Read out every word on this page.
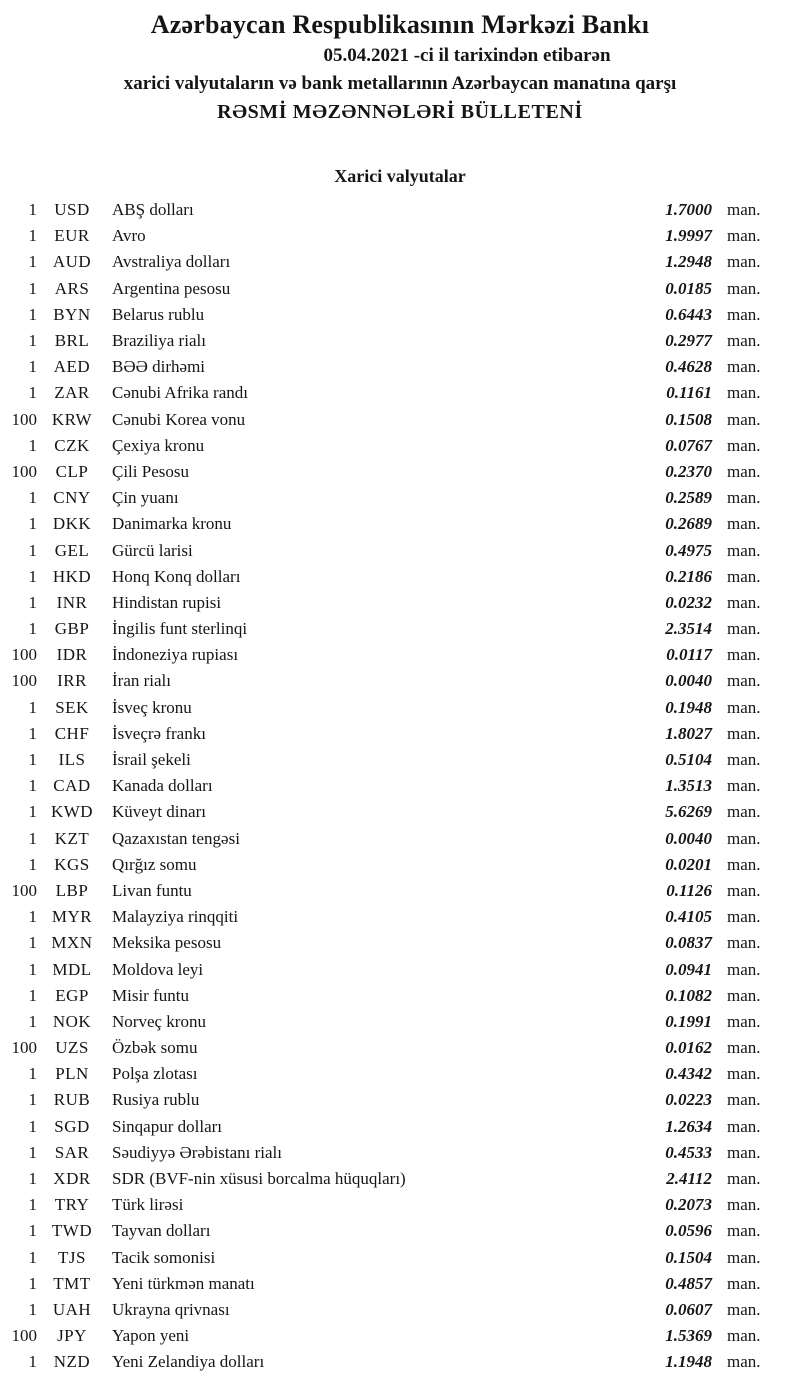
Azərbaycan Respublikasının Mərkəzi Bankı
05.04.2021 -ci il tarixindən etibarən
xarici valyutaların və bank metallarının Azərbaycan manatına qarşı
RƏSMİ MƏZƏNNƏLƏRİ BÜLLETENİ
Xarici valyutalar
1	USD	ABŞ dolları	1.7000 man.
1	EUR	Avro	1.9997 man.
1 AUD	Avstraliya dolları	1.2948 man.
1	ARS	Argentina pesosu	0.0185 man.
1 BYN	Belarus rublu	0.6443 man.
1	BRL	Braziliya rialı	0.2977 man.
1 AED	BƏƏ dirhəmi	0.4628 man.
1	ZAR	Cənubi Afrika randı	0.1161 man.
100 KRW	Cənubi Korea vonu	0.1508 man.
1	CZK	Çexiya kronu	0.0767 man.
100	CLP	Çili Pesosu	0.2370 man.
1 CNY	Çin yuanı	0.2589 man.
1 DKK	Danimarka kronu	0.2689 man.
1	GEL	Gürcü larisi	0.4975 man.
1 HKD	Honq Konq dolları	0.2186 man.
1	INR	Hindistan rupisi	0.0232 man.
1	GBP	İngilis funt sterlinqi	2.3514 man.
100	IDR	İndoneziya rupiası	0.0117 man.
100	IRR	İran rialı	0.0040 man.
1	SEK	İsveç kronu	0.1948 man.
1	CHF	İsveçrə frankı	1.8027 man.
1	ILS	İsrail şekeli	0.5104 man.
1 CAD	Kanada dolları	1.3513 man.
1 KWD	Küveyt dinarı	5.6269 man.
1	KZT	Qazaxıstan tengəsi	0.0040 man.
1	KGS	Qırğız somu	0.0201 man.
100	LBP	Livan funtu	0.1126 man.
1 MYR	Malayziya rinqqiti	0.4105 man.
1 MXN	Meksika pesosu	0.0837 man.
1 MDL	Moldova leyi	0.0941 man.
1	EGP	Misir funtu	0.1082 man.
1 NOK	Norveç kronu	0.1991 man.
100	UZS	Özbək somu	0.0162 man.
1	PLN	Polşa zlotası	0.4342 man.
1 RUB	Rusiya rublu	0.0223 man.
1	SGD	Sinqapur dolları	1.2634 man.
1	SAR	Səudiyyə Ərəbistanı rialı	0.4533 man.
1 XDR	SDR (BVF-nin xüsusi borcalma hüquqları)	2.4112 man.
1	TRY	Türk lirəsi	0.2073 man.
1 TWD	Tayvan dolları	0.0596 man.
1	TJS	Tacik somonisi	0.1504 man.
1 TMT	Yeni türkmən manatı	0.4857 man.
1 UAH	Ukrayna qrivnası	0.0607 man.
100	JPY	Yapon yeni	1.5369 man.
1 NZD	Yeni Zelandiya dolları	1.1948 man.
